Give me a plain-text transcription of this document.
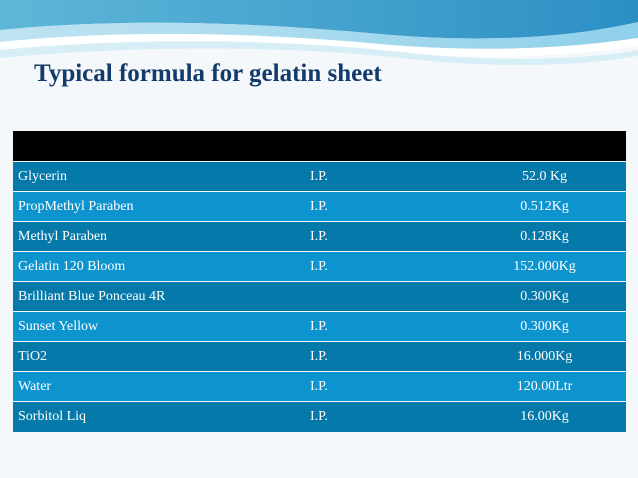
Typical formula for gelatin sheet

Glycerin	I.P.	52.0 Kg
PropMethyl Paraben	I.P.	0.512Kg
Methyl Paraben	I.P.	0.128Kg
Gelatin 120 Bloom	I.P.	152.000Kg
Brilliant Blue Ponceau 4R		0.300Kg
Sunset Yellow	I.P.	0.300Kg
TiO2	I.P.	16.000Kg
Water	I.P.	120.00Ltr
Sorbitol Liq	I.P.	16.00Kg
